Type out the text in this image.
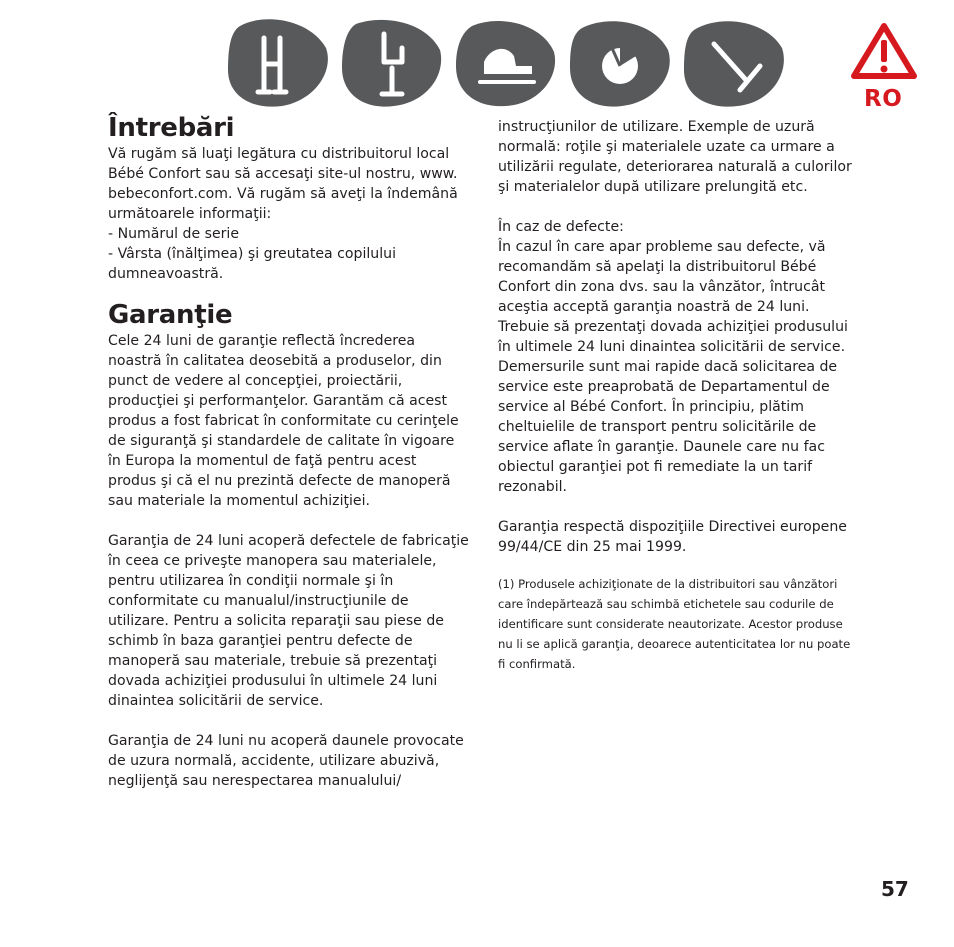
RO
Întrebări

Vă rugăm să luaţi legătura cu distribuitorul local
Bébé Confort sau să accesaţi site-ul nostru, www.
bebeconfort.com. Vă rugăm să aveţi la îndemână
următoarele informaţii:
- Numărul de serie
- Vârsta (înălţimea) şi greutatea copilului
dumneavoastră.

Garanţie

Cele 24 luni de garanţie reflectă încrederea
noastră în calitatea deosebită a produselor, din
punct de vedere al concepţiei, proiectării,
producţiei şi performanţelor. Garantăm că acest
produs a fost fabricat în conformitate cu cerinţele
de siguranţă şi standardele de calitate în vigoare
în Europa la momentul de faţă pentru acest
produs şi că el nu prezintă defecte de manoperă
sau materiale la momentul achiziţiei.

Garanţia de 24 luni acoperă defectele de fabricaţie
în ceea ce priveşte manopera sau materialele,
pentru utilizarea în condiţii normale şi în
conformitate cu manualul/instrucţiunile de
utilizare. Pentru a solicita reparaţii sau piese de
schimb în baza garanţiei pentru defecte de
manoperă sau materiale, trebuie să prezentaţi
dovada achiziţiei produsului în ultimele 24 luni
dinaintea solicitării de service.

Garanţia de 24 luni nu acoperă daunele provocate
de uzura normală, accidente, utilizare abuzivă,
neglijenţă sau nerespectarea manualului/

instrucţiunilor de utilizare. Exemple de uzură
normală: roţile şi materialele uzate ca urmare a
utilizării regulate, deteriorarea naturală a culorilor
şi materialelor după utilizare prelungită etc.

În caz de defecte:
În cazul în care apar probleme sau defecte, vă
recomandăm să apelaţi la distribuitorul Bébé
Confort din zona dvs. sau la vânzător, întrucât
aceştia acceptă garanţia noastră de 24 luni.
Trebuie să prezentaţi dovada achiziţiei produsului
în ultimele 24 luni dinaintea solicitării de service.
Demersurile sunt mai rapide dacă solicitarea de
service este preaprobată de Departamentul de
service al Bébé Confort. În principiu, plătim
cheltuielile de transport pentru solicitările de
service aflate în garanţie. Daunele care nu fac
obiectul garanţiei pot fi remediate la un tarif
rezonabil.

Garanţia respectă dispoziţiile Directivei europene
99/44/CE din 25 mai 1999.

(1) Produsele achiziţionate de la distribuitori sau vânzători
care îndepărtează sau schimbă etichetele sau codurile de
identificare sunt considerate neautorizate. Acestor produse
nu li se aplică garanţia, deoarece autenticitatea lor nu poate
fi confirmată.

57
